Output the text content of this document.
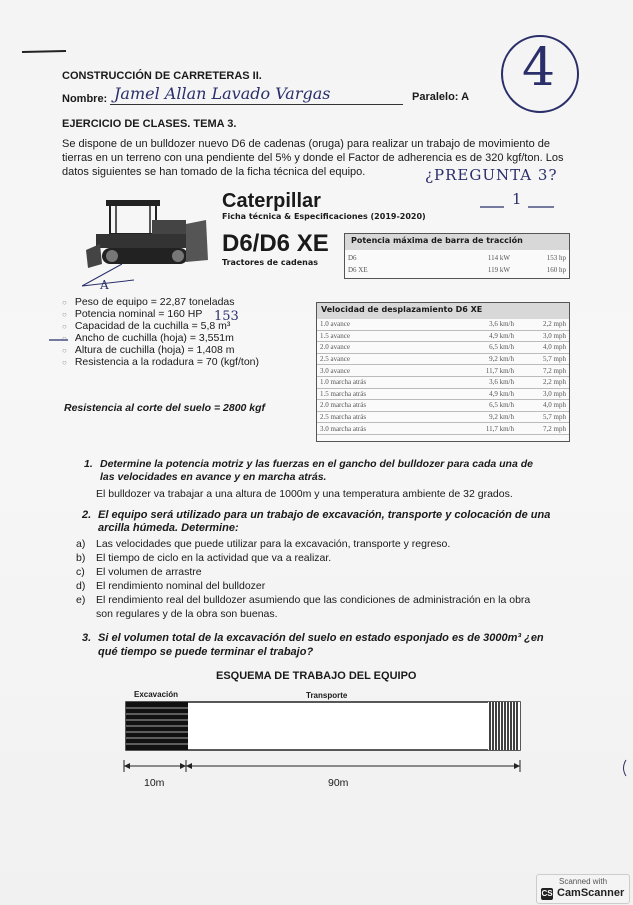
4
CONSTRUCCIÓN DE CARRETERAS II.
Nombre: Jamel Allan Lavado Vargas	Paralelo: A
EJERCICIO DE CLASES. TEMA 3.
Se dispone de un bulldozer nuevo D6 de cadenas (oruga) para realizar un trabajo de movimiento de
tierras en un terreno con una pendiente del 5% y donde el Factor de adherencia es de 320 kgf/ton. Los
datos siguientes se han tomado de la ficha técnica del equipo.	¿PREGUNTA 3?
1
A
Caterpillar
Ficha técnica & Especificaciones (2019-2020)
D6/D6 XE
Tractores de cadenas
Potencia máxima de barra de tracción
D6	114 kW	153 hp
D6 XE	119 kW	160 hp
○ Peso de equipo = 22,87 toneladas
○ Potencia nominal = 160 HP
○ Capacidad de la cuchilla = 5,8 m³
○ Ancho de cuchilla (hoja) = 3,551m
○ Altura de cuchilla (hoja) = 1,408 m
○ Resistencia a la rodadura = 70 (kgf/ton)
153
Resistencia al corte del suelo = 2800 kgf
Velocidad de desplazamiento D6 XE
1.0 avance	3,6 km/h	2,2 mph
1.5 avance	4,9 km/h	3,0 mph
2.0 avance	6,5 km/h	4,0 mph
2.5 avance	9,2 km/h	5,7 mph
3.0 avance	11,7 km/h	7,2 mph
1.0 marcha atrás	3,6 km/h	2,2 mph
1.5 marcha atrás	4,9 km/h	3,0 mph
2.0 marcha atrás	6,5 km/h	4,0 mph
2.5 marcha atrás	9,2 km/h	5,7 mph
3.0 marcha atrás	11,7 km/h	7,2 mph
1. Determine la potencia motriz y las fuerzas en el gancho del bulldozer para cada una de
las velocidades en avance y en marcha atrás.
El bulldozer va trabajar a una altura de 1000m y una temperatura ambiente de 32 grados.
2. El equipo será utilizado para un trabajo de excavación, transporte y colocación de una
arcilla húmeda. Determine:
a) Las velocidades que puede utilizar para la excavación, transporte y regreso.
b) El tiempo de ciclo en la actividad que va a realizar.
c) El volumen de arrastre
d) El rendimiento nominal del bulldozer
e) El rendimiento real del bulldozer asumiendo que las condiciones de administración en la obra
son regulares y de la obra son buenas.
3. Si el volumen total de la excavación del suelo en estado esponjado es de 3000m³ ¿en
qué tiempo se puede terminar el trabajo?
ESQUEMA DE TRABAJO DEL EQUIPO
Excavación	Transporte
10m	90m
Scanned with
CS CamScanner
